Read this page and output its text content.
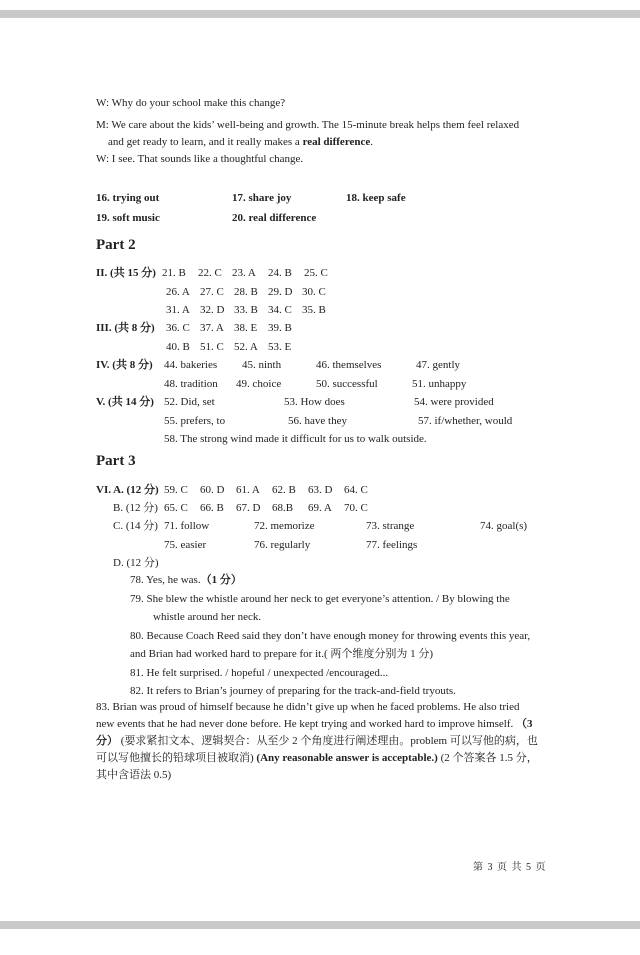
W: Why do your school make this change?
M: We care about the kids’ well-being and growth. The 15-minute break helps them feel relaxed
and get ready to learn, and it really makes a real difference.
W: I see. That sounds like a thoughtful change.
16. trying out	17. share joy	18. keep safe
19. soft music	20. real difference
Part 2
II. (共 15 分) 21. B 22. C 23. A 24. B 25. C
26. A 27. C 28. B 29. D 30. C
31. A 32. D 33. B 34. C 35. B
III. (共 8 分) 36. C 37. A 38. E 39. B
40. B 51. C 52. A 53. E
IV. (共 8 分) 44. bakeries 45. ninth	46. themselves	47. gently
48. tradition 49. choice	50. successful	51. unhappy
V. (共 14 分) 52. Did, set	53. How does	54. were provided
55. prefers, to	56. have they	57. if/whether, would
58. The strong wind made it difficult for us to walk outside.
Part 3
VI. A. (12 分) 59. C 60. D 61. A 62. B 63. D 64. C
B. (12 分) 65. C 66. B 67. D 68.B 69. A 70. C
C. (14 分) 71. follow	72. memorize	73. strange	74. goal(s)
75. easier	76. regularly	77. feelings
D. (12 分)
78. Yes, he was.（1 分）
79. She blew the whistle around her neck to get everyone’s attention. / By blowing the
whistle around her neck.
80. Because Coach Reed said they don’t have enough money for throwing events this year,
and Brian had worked hard to prepare for it.( 两个维度分别为 1 分)
81. He felt surprised. / hopeful / unexpected /encouraged...
82. It refers to Brian’s journey of preparing for the track-and-field tryouts.
83. Brian was proud of himself because he didn’t give up when he faced problems. He also tried new events that he had never done before. He kept trying and worked hard to improve himself. （3 分） (要求紧扣文本、逻辑契合：从至少 2 个角度进行阐述理由。problem 可以写他的病，也可以写他擅长的铅球项目被取消) (Any reasonable answer is acceptable.) (2 个答案各 1.5 分，其中含语法 0.5)
第 3 页 共 5 页
